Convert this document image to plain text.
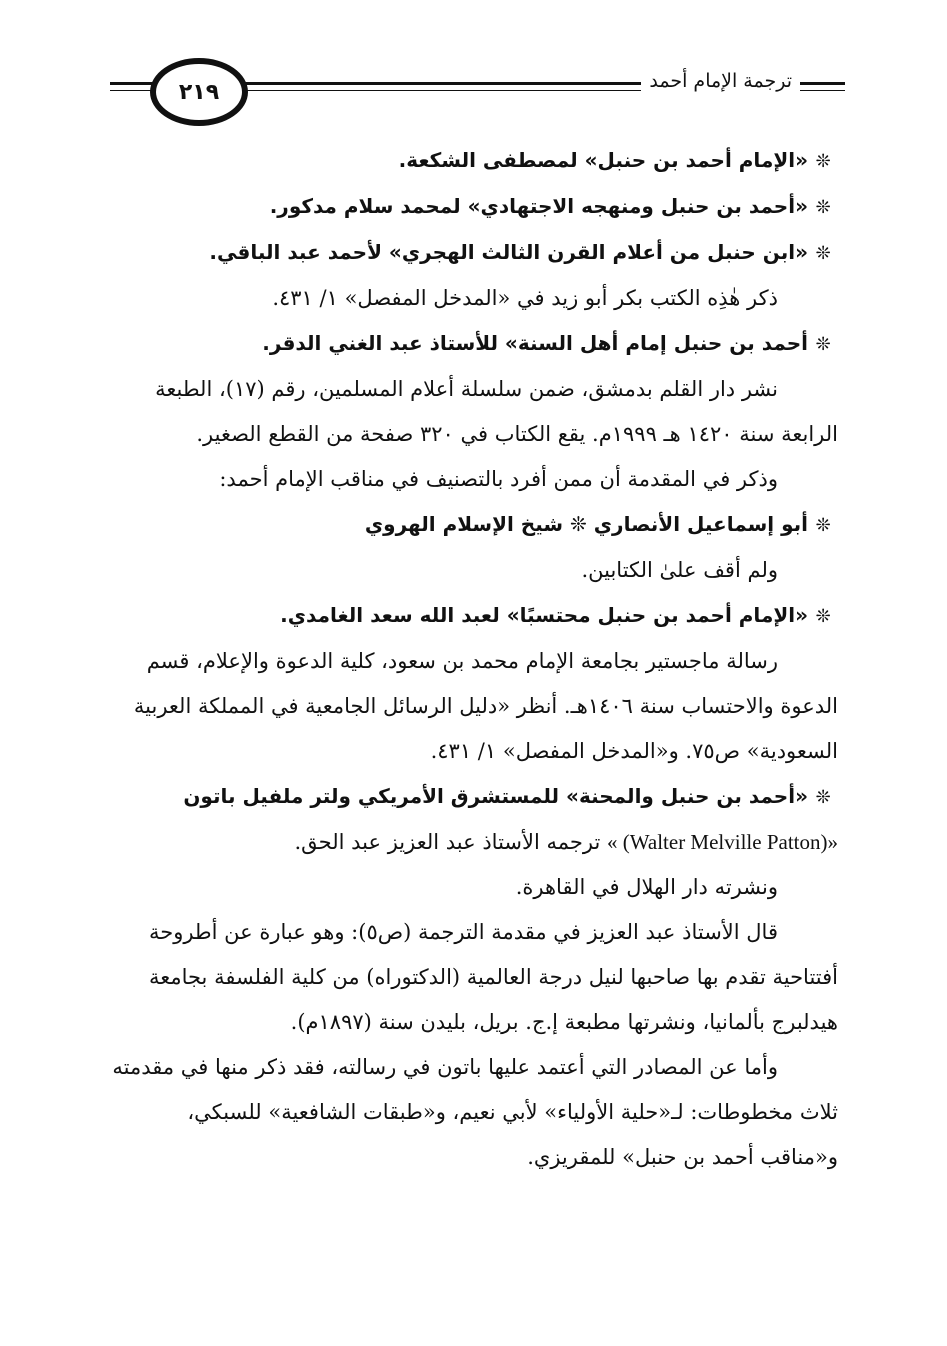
٢١٩	ترجمة الإمام أحمد

❊«الإمام أحمد بن حنبل» لمصطفى الشكعة.

❊«أحمد بن حنبل ومنهجه الاجتهادي» لمحمد سلام مدكور.

❊«ابن حنبل من أعلام القرن الثالث الهجري» لأحمد عبد الباقي.

ذكر هٰذِه الكتب بكر أبو زيد في «المدخل المفصل» ١/ ٤٣١.

❊أحمد بن حنبل إمام أهل السنة» للأستاذ عبد الغني الدقر.

نشر دار القلم بدمشق، ضمن سلسلة أعلام المسلمين، رقم (١٧)، الطبعة

الرابعة سنة ١٤٢٠ هـ ١٩٩٩م. يقع الكتاب في ٣٢٠ صفحة من القطع الصغير.

وذكر في المقدمة أن ممن أفرد بالتصنيف في مناقب الإمام أحمد:

❊أبو إسماعيل الأنصاري ❊ شيخ الإسلام الهروي

ولم أقف علىٰ الكتابين.

❊«الإمام أحمد بن حنبل محتسبًا» لعبد الله سعد الغامدي.

رسالة ماجستير بجامعة الإمام محمد بن سعود، كلية الدعوة والإعلام، قسم

الدعوة والاحتساب سنة ١٤٠٦هـ. أنظر «دليل الرسائل الجامعية في المملكة العربية

السعودية» ص٧٥. و«المدخل المفصل» ١/ ٤٣١.

❊«أحمد بن حنبل والمحنة» للمستشرق الأمريكي ولتر ملفيل باتون

« (Walter Melville Patton)» ترجمه الأستاذ عبد العزيز عبد الحق.

ونشرته دار الهلال في القاهرة.

قال الأستاذ عبد العزيز في مقدمة الترجمة (ص٥): وهو عبارة عن أطروحة

أفتتاحية تقدم بها صاحبها لنيل درجة العالمية (الدكتوراه) من كلية الفلسفة بجامعة

هيدلبرج بألمانيا، ونشرتها مطبعة إ.ج. بريل، بليدن سنة (١٨٩٧م).

وأما عن المصادر التي أعتمد عليها باتون في رسالته، فقد ذكر منها في مقدمته

ثلاث مخطوطات: لـ«حلية الأولياء» لأبي نعيم، و«طبقات الشافعية» للسبكي،

و«مناقب أحمد بن حنبل» للمقريزي.
